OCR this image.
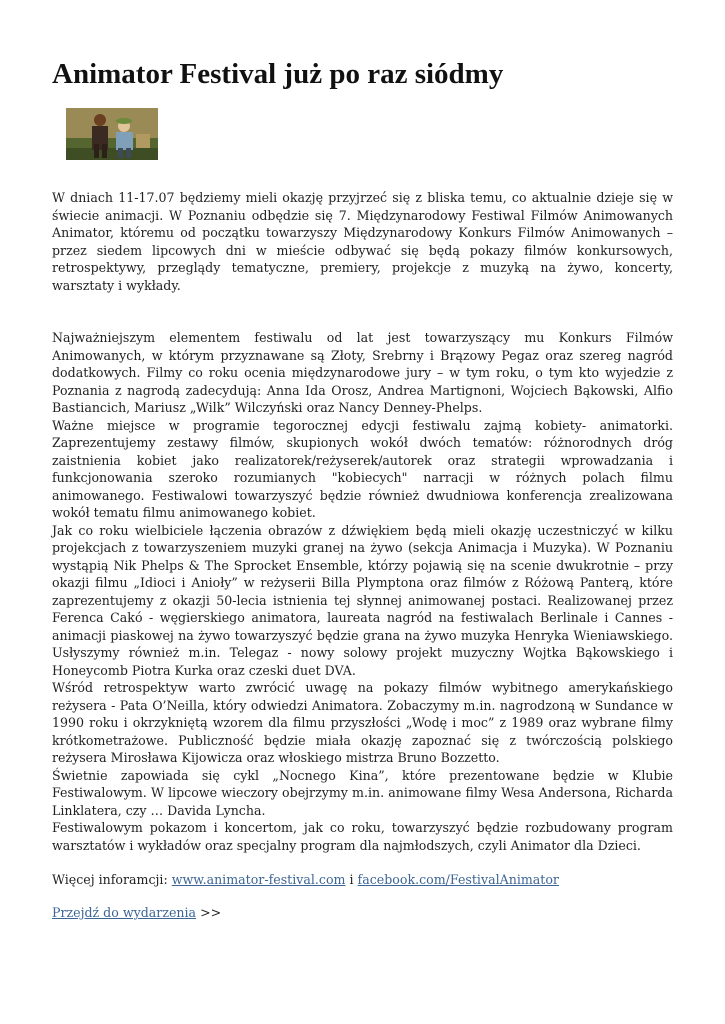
Animator Festival już po raz siódmy

W dniach 11-17.07 będziemy mieli okazję przyjrzeć się z bliska temu, co aktualnie dzieje się w świecie animacji. W Poznaniu odbędzie się 7. Międzynarodowy Festiwal Filmów Animowanych Animator, któremu od początku towarzyszy Międzynarodowy Konkurs Filmów Animowanych – przez siedem lipcowych dni w mieście odbywać się będą pokazy filmów konkursowych, retrospektywy, przeglądy tematyczne, premiery, projekcje z muzyką na żywo, koncerty, warsztaty i wykłady.

Najważniejszym elementem festiwalu od lat jest towarzyszący mu Konkurs Filmów Animowanych, w którym przyznawane są Złoty, Srebrny i Brązowy Pegaz oraz szereg nagród dodatkowych. Filmy co roku ocenia międzynarodowe jury – w tym roku, o tym kto wyjedzie z Poznania z nagrodą zadecydują: Anna Ida Orosz, Andrea Martignoni, Wojciech Bąkowski, Alfio Bastiancich, Mariusz „Wilk” Wilczyński oraz Nancy Denney-Phelps.

Ważne miejsce w programie tegorocznej edycji festiwalu zajmą kobiety- animatorki. Zaprezentujemy zestawy filmów, skupionych wokół dwóch tematów: różnorodnych dróg zaistnienia kobiet jako realizatorek/reżyserek/autorek oraz strategii wprowadzania i funkcjonowania szeroko rozumianych "kobiecych" narracji w różnych polach filmu animowanego. Festiwalowi towarzyszyć będzie również dwudniowa konferencja zrealizowana wokół tematu filmu animowanego kobiet.

Jak co roku wielbiciele łączenia obrazów z dźwiękiem będą mieli okazję uczestniczyć w kilku projekcjach z towarzyszeniem muzyki granej na żywo (sekcja Animacja i Muzyka). W Poznaniu wystąpią Nik Phelps & The Sprocket Ensemble, którzy pojawią się na scenie dwukrotnie – przy okazji filmu „Idioci i Anioły” w reżyserii Billa Plymptona oraz filmów z Różową Panterą, które zaprezentujemy z okazji 50-lecia istnienia tej słynnej animowanej postaci. Realizowanej przez Ferenca Cakó - węgierskiego animatora, laureata nagród na festiwalach Berlinale i Cannes - animacji piaskowej na żywo towarzyszyć będzie grana na żywo muzyka Henryka Wieniawskiego. Usłyszymy również m.in. Telegaz - nowy solowy projekt muzyczny Wojtka Bąkowskiego i Honeycomb Piotra Kurka oraz czeski duet DVA.

Wśród retrospektyw warto zwrócić uwagę na pokazy filmów wybitnego amerykańskiego reżysera - Pata O’Neilla, który odwiedzi Animatora. Zobaczymy m.in. nagrodzoną w Sundance w 1990 roku i okrzykniętą wzorem dla filmu przyszłości „Wodę i moc” z 1989 oraz wybrane filmy krótkometrażowe. Publiczność będzie miała okazję zapoznać się z twórczością polskiego reżysera Mirosława Kijowicza oraz włoskiego mistrza Bruno Bozzetto.

Świetnie zapowiada się cykl „Nocnego Kina”, które prezentowane będzie w Klubie Festiwalowym. W lipcowe wieczory obejrzymy m.in. animowane filmy Wesa Andersona, Richarda Linklatera, czy … Davida Lyncha.

Festiwalowym pokazom i koncertom, jak co roku, towarzyszyć będzie rozbudowany program warsztatów i wykładów oraz specjalny program dla najmłodszych, czyli Animator dla Dzieci.

Więcej inforamcji: www.animator-festival.com i facebook.com/FestivalAnimator
Przejdź do wydarzenia >>
